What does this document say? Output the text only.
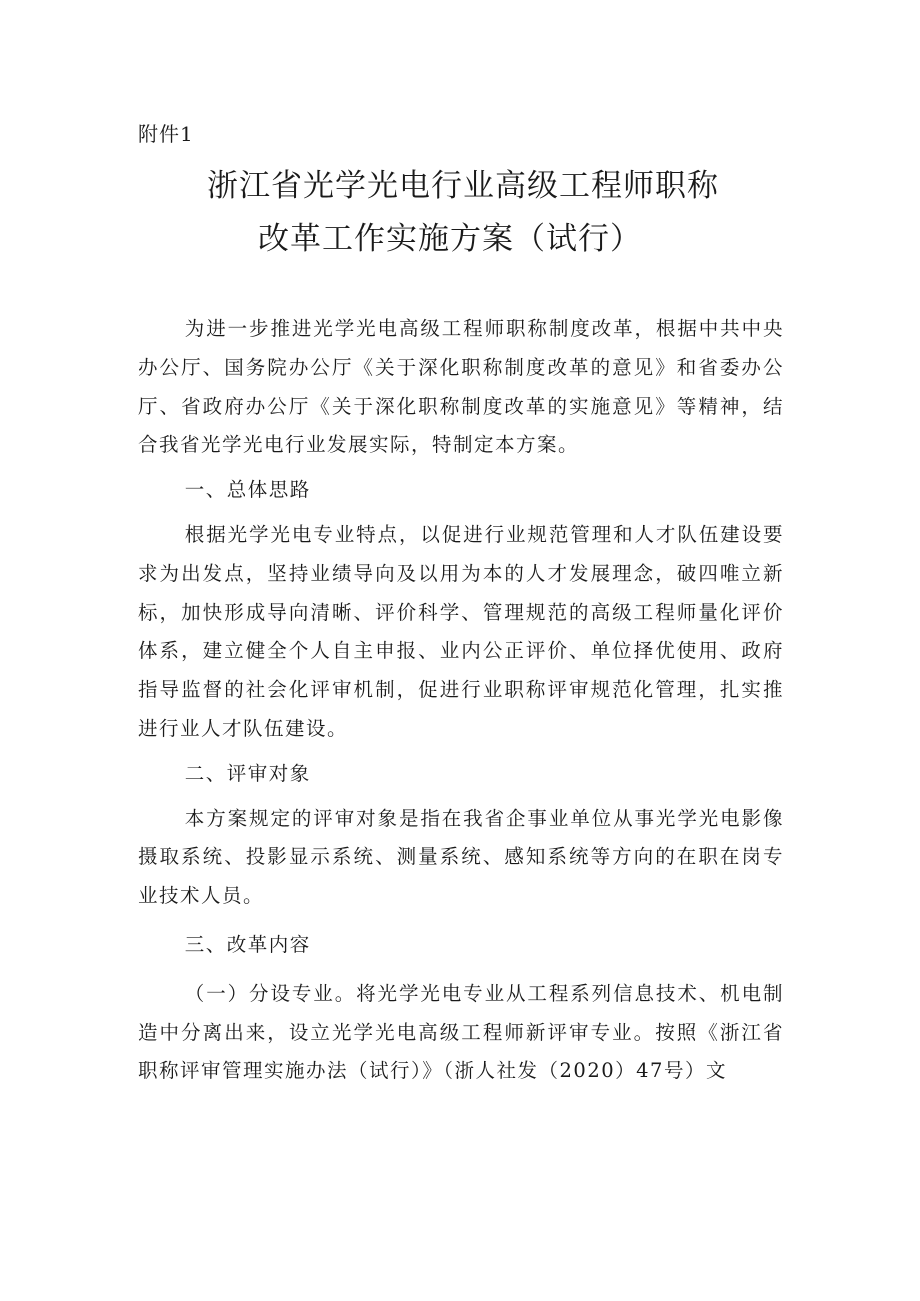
附件1
浙江省光学光电行业高级工程师职称
改革工作实施方案（试行）

为进一步推进光学光电高级工程师职称制度改革，根据中共中央办公厅、国务院办公厅《关于深化职称制度改革的意见》和省委办公厅、省政府办公厅《关于深化职称制度改革的实施意见》等精神，结合我省光学光电行业发展实际，特制定本方案。

一、总体思路

根据光学光电专业特点，以促进行业规范管理和人才队伍建设要求为出发点，坚持业绩导向及以用为本的人才发展理念，破四唯立新标，加快形成导向清晰、评价科学、管理规范的高级工程师量化评价体系，建立健全个人自主申报、业内公正评价、单位择优使用、政府指导监督的社会化评审机制，促进行业职称评审规范化管理，扎实推进行业人才队伍建设。

二、评审对象

本方案规定的评审对象是指在我省企事业单位从事光学光电影像摄取系统、投影显示系统、测量系统、感知系统等方向的在职在岗专业技术人员。

三、改革内容

（一）分设专业。将光学光电专业从工程系列信息技术、机电制造中分离出来，设立光学光电高级工程师新评审专业。按照《浙江省职称评审管理实施办法（试行）》（浙人社发（2020）47号）文
